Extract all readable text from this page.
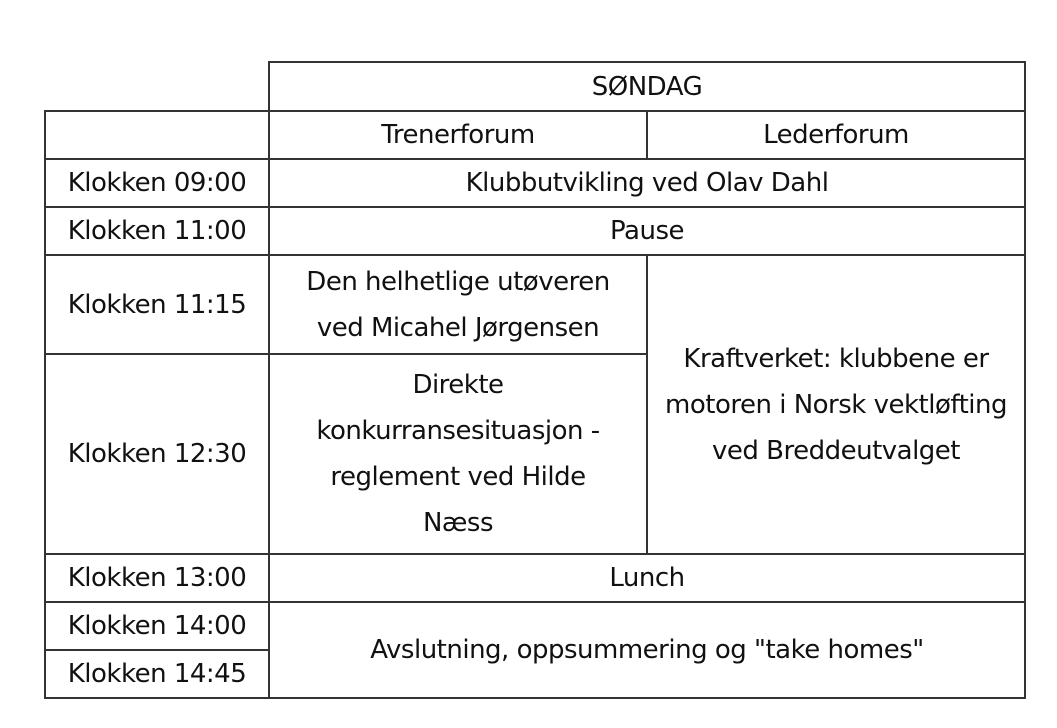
	SØNDAG	
	Trenerforum	Lederforum
Klokken 09:00	Klubbutvikling ved Olav Dahl	
Klokken 11:00	Pause	
Klokken 11:15	Den helhetlige utøveren ved Micahel Jørgensen	Kraftverket: klubbene er motoren i Norsk vektløfting ved Breddeutvalget
Klokken 12:30	Direkte konkurransesituasjon - reglement ved Hilde Næss	
Klokken 13:00	Lunch	
Klokken 14:00	Avslutning, oppsummering og "take homes"	
Klokken 14:45		
